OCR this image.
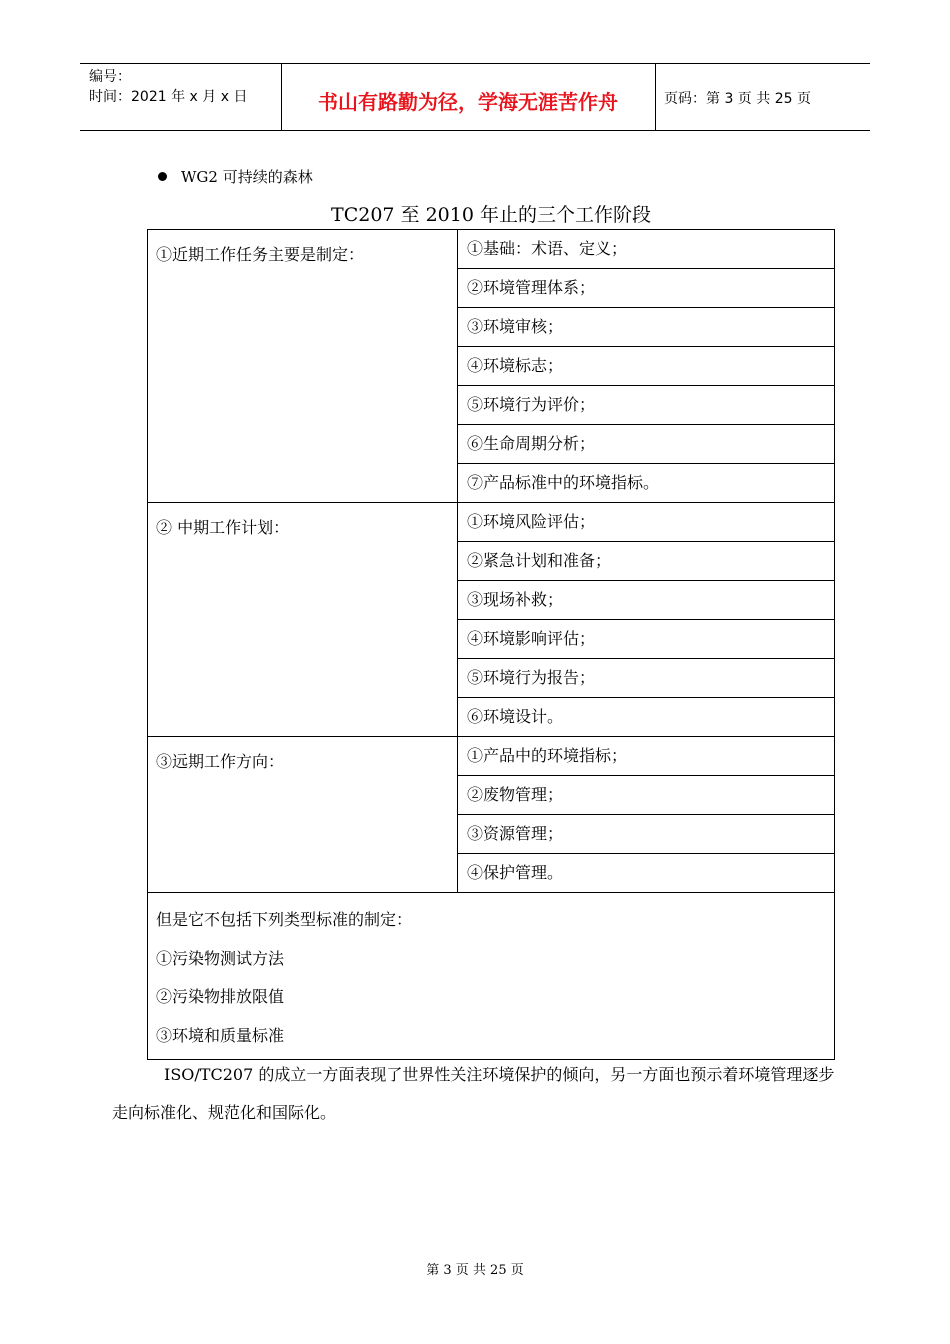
编号：
时间：2021 年 x 月 x 日	书山有路勤为径，学海无涯苦作舟	页码：第 3 页 共 25 页
WG2 可持续的森林
TC207 至 2010 年止的三个工作阶段
①近期工作任务主要是制定：	①基础：术语、定义；
	②环境管理体系；
	③环境审核；
	④环境标志；
	⑤环境行为评价；
	⑥生命周期分析；
	⑦产品标准中的环境指标。
② 中期工作计划：	①环境风险评估；
	②紧急计划和准备；
	③现场补救；
	④环境影响评估；
	⑤环境行为报告；
	⑥环境设计。
③远期工作方向：	①产品中的环境指标；
	②废物管理；
	③资源管理；
	④保护管理。

但是它不包括下列类型标准的制定：
①污染物测试方法
②污染物排放限值
③环境和质量标准	
ISO/TC207 的成立一方面表现了世界性关注环境保护的倾向，另一方面也预示着环境管理逐步走向标准化、规范化和国际化。
第 3 页 共 25 页
